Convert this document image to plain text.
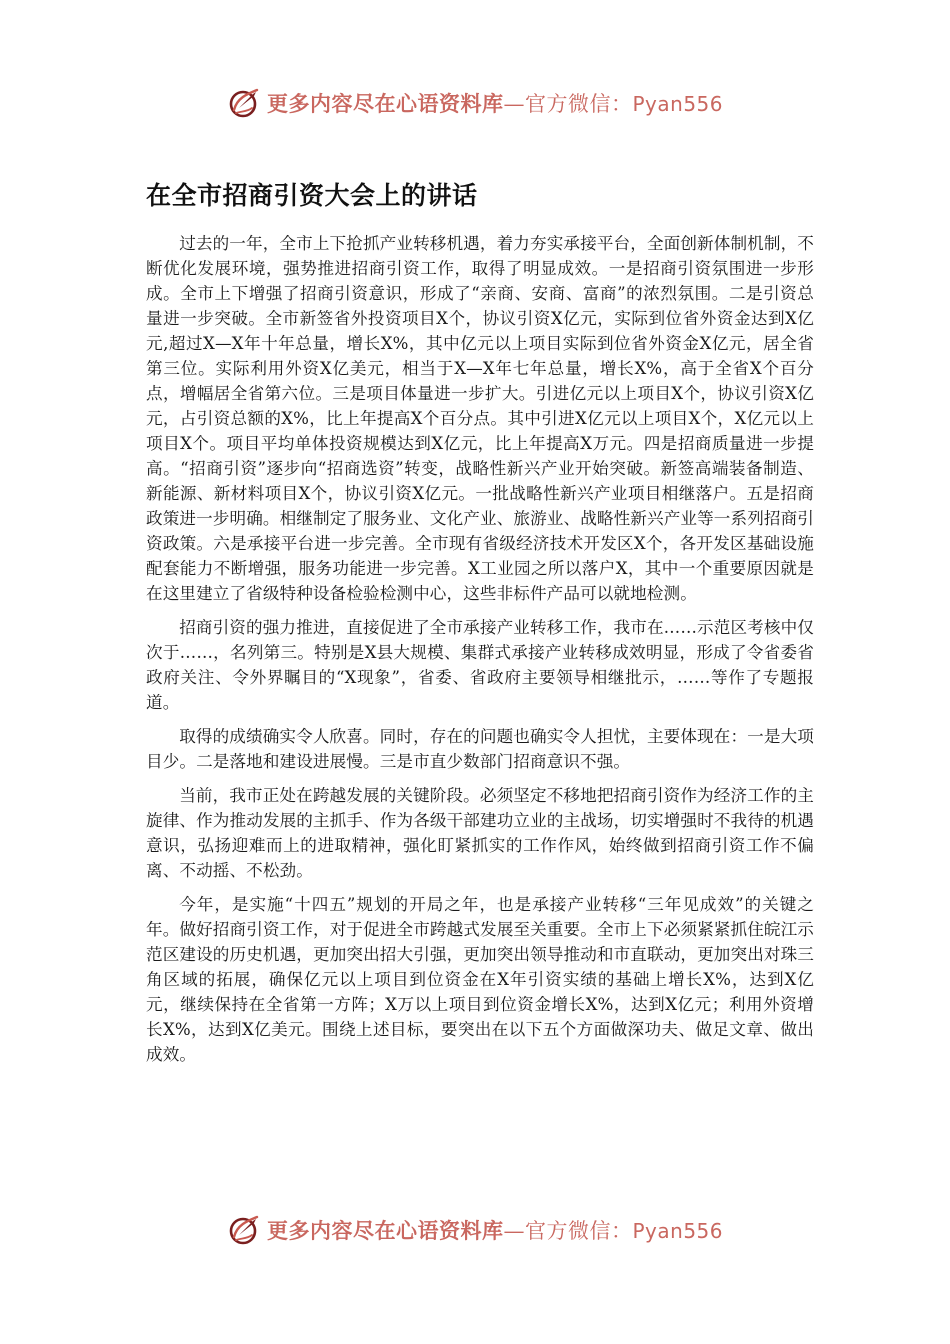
更多内容尽在心语资料库—官方微信：Pyan556
在全市招商引资大会上的讲话

过去的一年，全市上下抢抓产业转移机遇，着力夯实承接平台，全面创新体制机制，不断优化发展环境，强势推进招商引资工作，取得了明显成效。一是招商引资氛围进一步形成。全市上下增强了招商引资意识，形成了“亲商、安商、富商”的浓烈氛围。二是引资总量进一步突破。全市新签省外投资项目X个，协议引资X亿元，实际到位省外资金达到X亿元,超过X—X年十年总量，增长X%，其中亿元以上项目实际到位省外资金X亿元，居全省第三位。实际利用外资X亿美元，相当于X—X年七年总量，增长X%，高于全省X个百分点，增幅居全省第六位。三是项目体量进一步扩大。引进亿元以上项目X个，协议引资X亿元，占引资总额的X%，比上年提高X个百分点。其中引进X亿元以上项目X个，X亿元以上项目X个。项目平均单体投资规模达到X亿元，比上年提高X万元。四是招商质量进一步提高。“招商引资”逐步向“招商选资”转变，战略性新兴产业开始突破。新签高端装备制造、新能源、新材料项目X个，协议引资X亿元。一批战略性新兴产业项目相继落户。五是招商政策进一步明确。相继制定了服务业、文化产业、旅游业、战略性新兴产业等一系列招商引资政策。六是承接平台进一步完善。全市现有省级经济技术开发区X个，各开发区基础设施配套能力不断增强，服务功能进一步完善。X工业园之所以落户X，其中一个重要原因就是在这里建立了省级特种设备检验检测中心，这些非标件产品可以就地检测。

招商引资的强力推进，直接促进了全市承接产业转移工作，我市在……示范区考核中仅次于……，名列第三。特别是X县大规模、集群式承接产业转移成效明显，形成了令省委省政府关注、令外界瞩目的“X现象”，省委、省政府主要领导相继批示，……等作了专题报道。

取得的成绩确实令人欣喜。同时，存在的问题也确实令人担忧，主要体现在：一是大项目少。二是落地和建设进展慢。三是市直少数部门招商意识不强。

当前，我市正处在跨越发展的关键阶段。必须坚定不移地把招商引资作为经济工作的主旋律、作为推动发展的主抓手、作为各级干部建功立业的主战场，切实增强时不我待的机遇意识，弘扬迎难而上的进取精神，强化盯紧抓实的工作作风，始终做到招商引资工作不偏离、不动摇、不松劲。

今年，是实施“十四五”规划的开局之年，也是承接产业转移“三年见成效”的关键之年。做好招商引资工作，对于促进全市跨越式发展至关重要。全市上下必须紧紧抓住皖江示范区建设的历史机遇，更加突出招大引强，更加突出领导推动和市直联动，更加突出对珠三角区域的拓展，确保亿元以上项目到位资金在X年引资实绩的基础上增长X%，达到X亿元，继续保持在全省第一方阵；X万以上项目到位资金增长X%，达到X亿元；利用外资增长X%，达到X亿美元。围绕上述目标，要突出在以下五个方面做深功夫、做足文章、做出成效。

更多内容尽在心语资料库—官方微信：Pyan556
